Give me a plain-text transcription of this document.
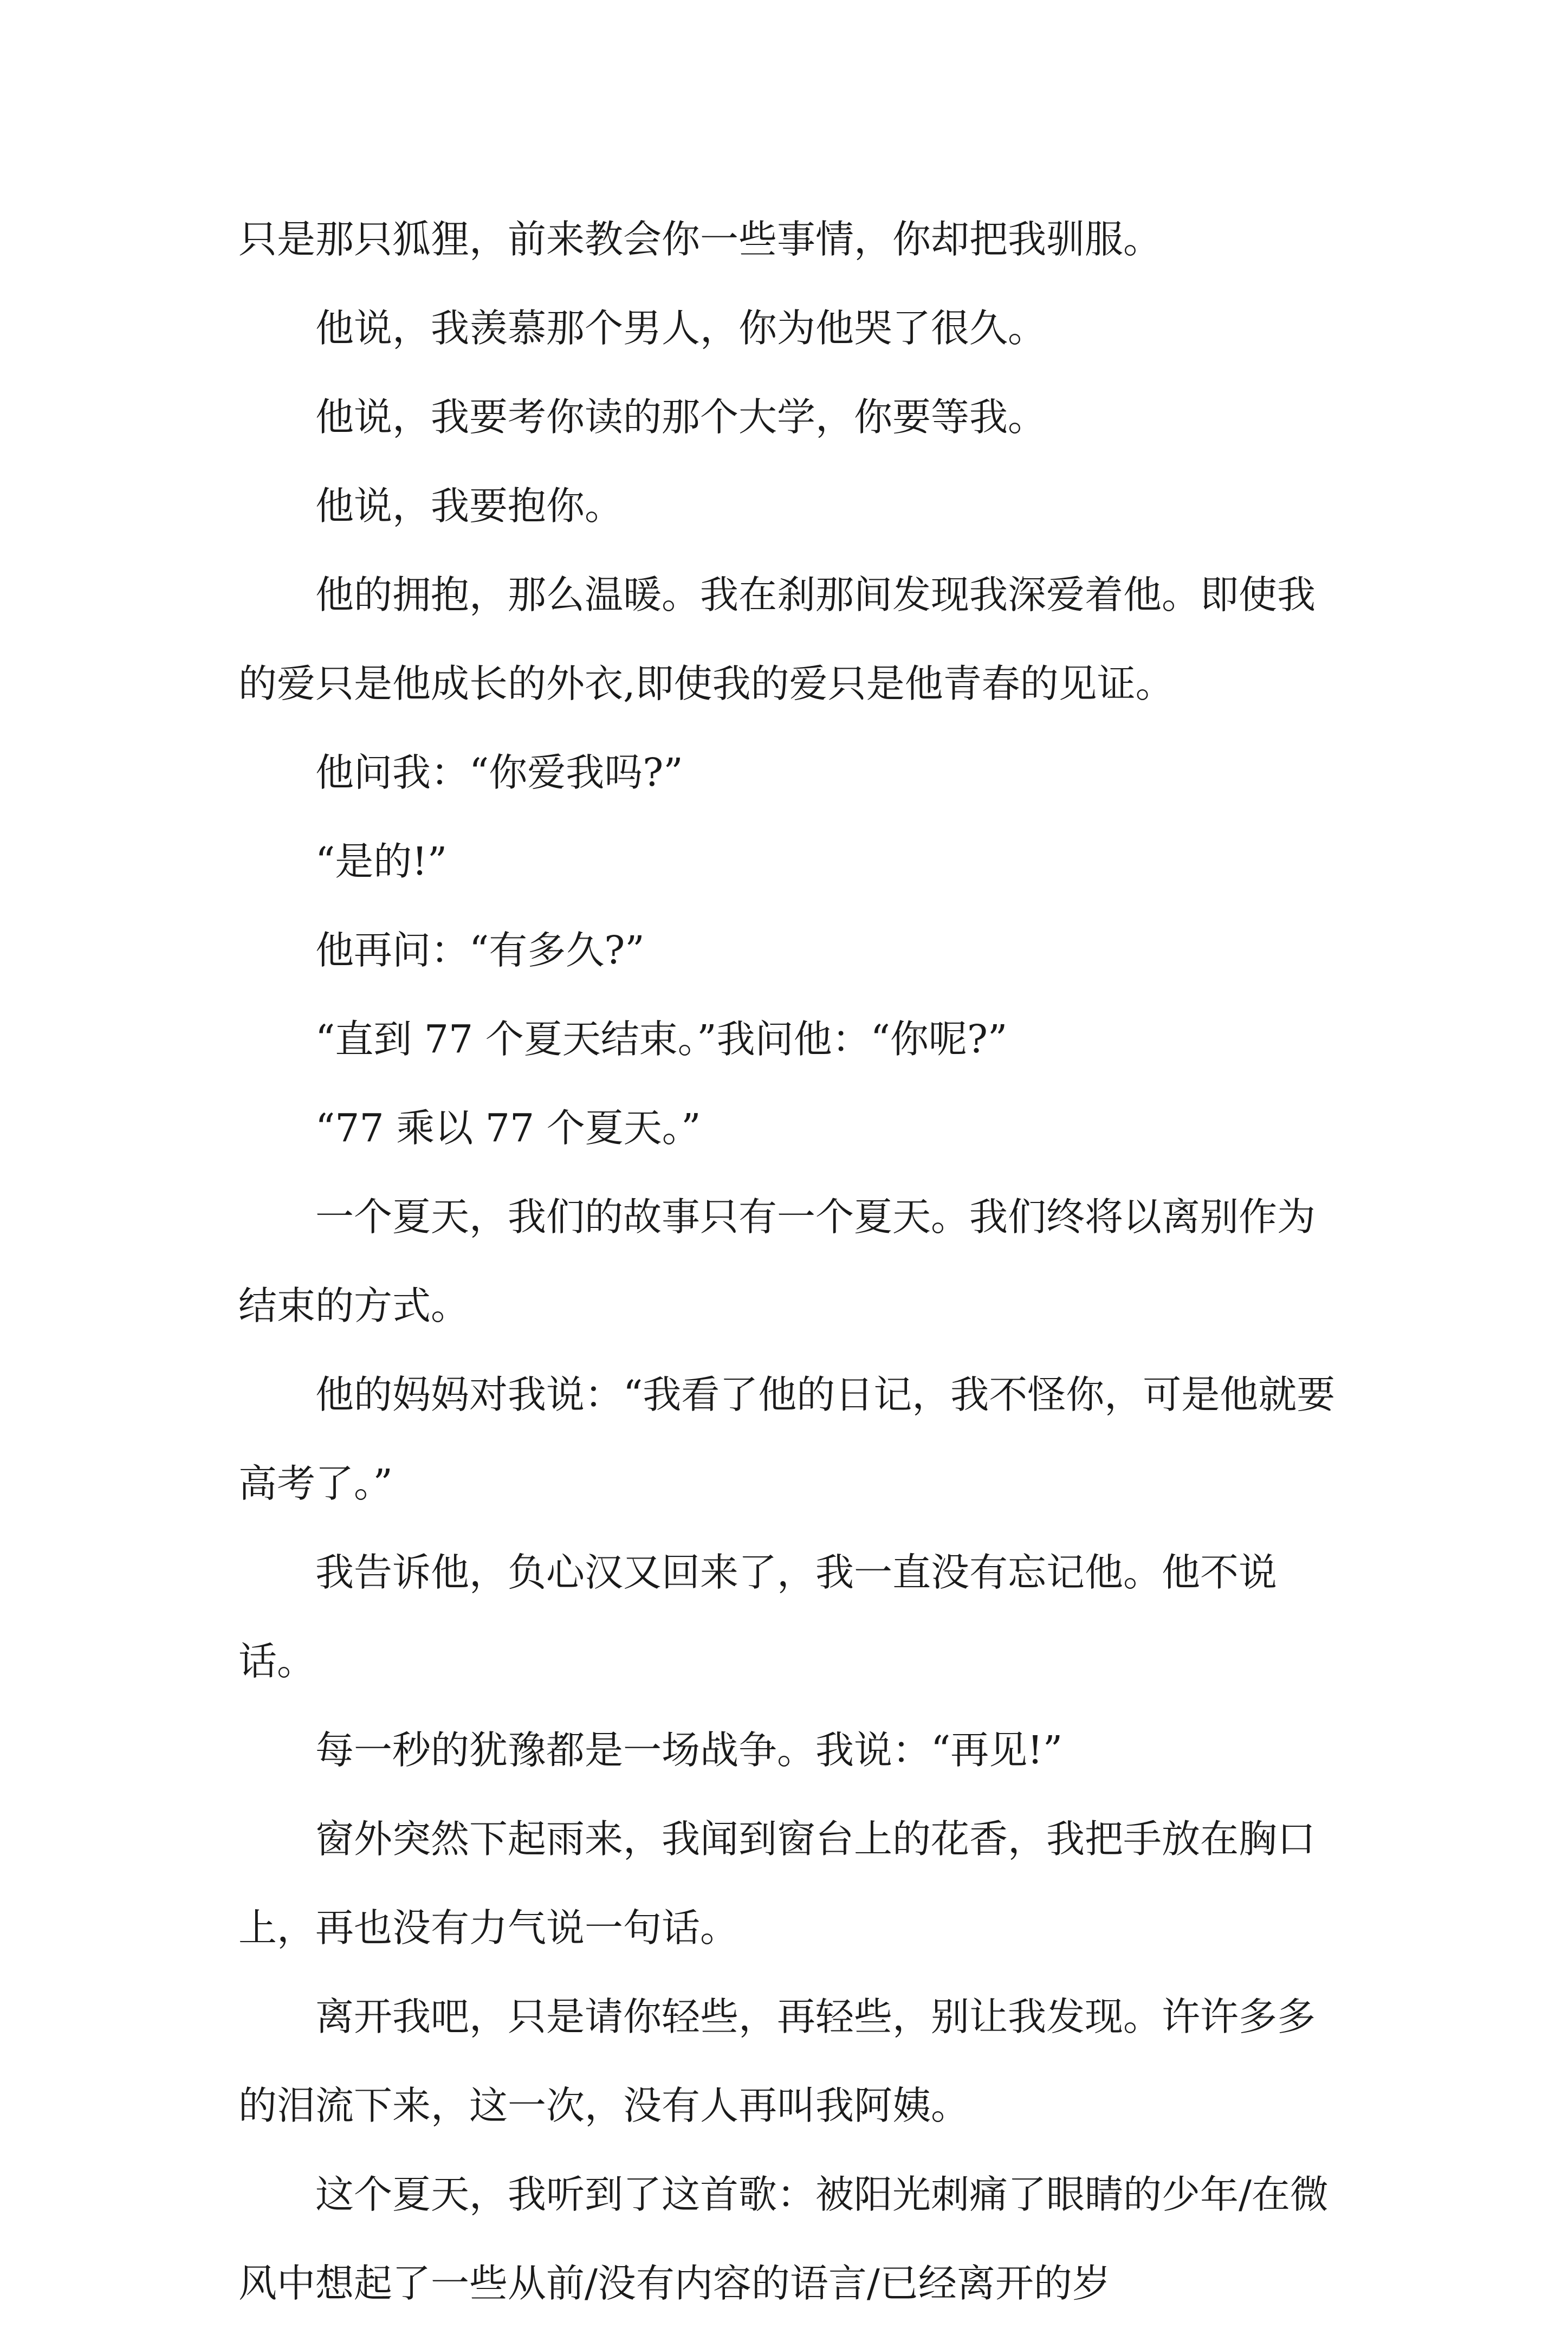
只是那只狐狸，前来教会你一些事情，你却把我驯服。

他说，我羡慕那个男人，你为他哭了很久。

他说，我要考你读的那个大学，你要等我。

他说，我要抱你。

他的拥抱，那么温暖。我在刹那间发现我深爱着他。即使我的爱只是他成长的外衣,即使我的爱只是他青春的见证。

他问我：“你爱我吗?”

“是的!”

他再问：“有多久?”

“直到 77 个夏天结束。”我问他：“你呢?”

“77 乘以 77 个夏天。”

一个夏天，我们的故事只有一个夏天。我们终将以离别作为结束的方式。

他的妈妈对我说：“我看了他的日记，我不怪你，可是他就要高考了。”

我告诉他，负心汉又回来了，我一直没有忘记他。他不说话。

每一秒的犹豫都是一场战争。我说：“再见!”

窗外突然下起雨来，我闻到窗台上的花香，我把手放在胸口上，再也没有力气说一句话。

离开我吧，只是请你轻些，再轻些，别让我发现。许许多多的泪流下来，这一次，没有人再叫我阿姨。

这个夏天，我听到了这首歌：被阳光刺痛了眼睛的少年/在微风中想起了一些从前/没有内容的语言/已经离开的岁
